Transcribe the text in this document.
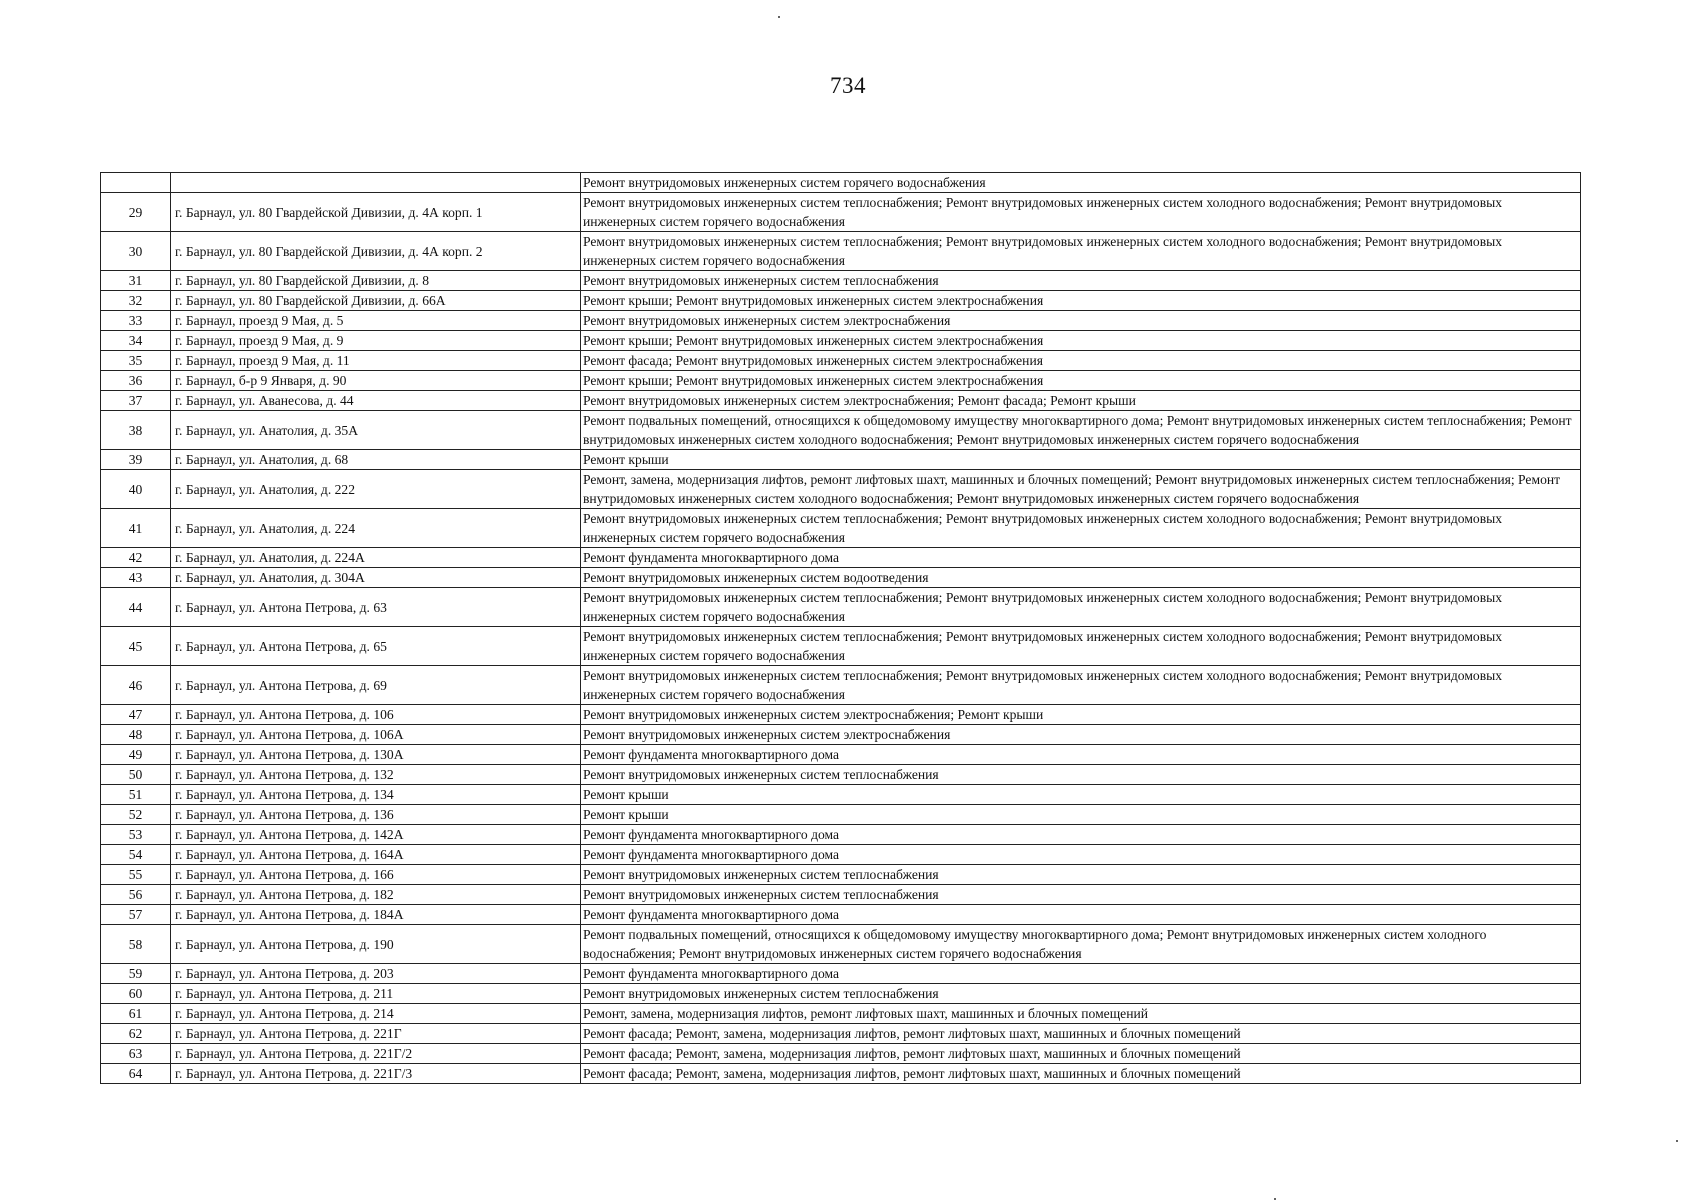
734
		Ремонт внутридомовых инженерных систем горячего водоснабжения
29	г. Барнаул, ул. 80 Гвардейской Дивизии, д. 4А корп. 1	Ремонт внутридомовых инженерных систем теплоснабжения; Ремонт внутридомовых инженерных систем холодного водоснабжения; Ремонт внутридомовых инженерных систем горячего водоснабжения
30	г. Барнаул, ул. 80 Гвардейской Дивизии, д. 4А корп. 2	Ремонт внутридомовых инженерных систем теплоснабжения; Ремонт внутридомовых инженерных систем холодного водоснабжения; Ремонт внутридомовых инженерных систем горячего водоснабжения
31	г. Барнаул, ул. 80 Гвардейской Дивизии, д. 8	Ремонт внутридомовых инженерных систем теплоснабжения
32	г. Барнаул, ул. 80 Гвардейской Дивизии, д. 66А	Ремонт крыши; Ремонт внутридомовых инженерных систем электроснабжения
33	г. Барнаул, проезд 9 Мая, д. 5	Ремонт внутридомовых инженерных систем электроснабжения
34	г. Барнаул, проезд 9 Мая, д. 9	Ремонт крыши; Ремонт внутридомовых инженерных систем электроснабжения
35	г. Барнаул, проезд 9 Мая, д. 11	Ремонт фасада; Ремонт внутридомовых инженерных систем электроснабжения
36	г. Барнаул, б-р 9 Января, д. 90	Ремонт крыши; Ремонт внутридомовых инженерных систем электроснабжения
37	г. Барнаул, ул. Аванесова, д. 44	Ремонт внутридомовых инженерных систем электроснабжения; Ремонт фасада; Ремонт крыши
38	г. Барнаул, ул. Анатолия, д. 35А	Ремонт подвальных помещений, относящихся к общедомовому имуществу многоквартирного дома; Ремонт внутридомовых инженерных систем теплоснабжения; Ремонт внутридомовых инженерных систем холодного водоснабжения; Ремонт внутридомовых инженерных систем горячего водоснабжения
39	г. Барнаул, ул. Анатолия, д. 68	Ремонт крыши
40	г. Барнаул, ул. Анатолия, д. 222	Ремонт, замена, модернизация лифтов, ремонт лифтовых шахт, машинных и блочных помещений; Ремонт внутридомовых инженерных систем теплоснабжения; Ремонт внутридомовых инженерных систем холодного водоснабжения; Ремонт внутридомовых инженерных систем горячего водоснабжения
41	г. Барнаул, ул. Анатолия, д. 224	Ремонт внутридомовых инженерных систем теплоснабжения; Ремонт внутридомовых инженерных систем холодного водоснабжения; Ремонт внутридомовых инженерных систем горячего водоснабжения
42	г. Барнаул, ул. Анатолия, д. 224А	Ремонт фундамента многоквартирного дома
43	г. Барнаул, ул. Анатолия, д. 304А	Ремонт внутридомовых инженерных систем водоотведения
44	г. Барнаул, ул. Антона Петрова, д. 63	Ремонт внутридомовых инженерных систем теплоснабжения; Ремонт внутридомовых инженерных систем холодного водоснабжения; Ремонт внутридомовых инженерных систем горячего водоснабжения
45	г. Барнаул, ул. Антона Петрова, д. 65	Ремонт внутридомовых инженерных систем теплоснабжения; Ремонт внутридомовых инженерных систем холодного водоснабжения; Ремонт внутридомовых инженерных систем горячего водоснабжения
46	г. Барнаул, ул. Антона Петрова, д. 69	Ремонт внутридомовых инженерных систем теплоснабжения; Ремонт внутридомовых инженерных систем холодного водоснабжения; Ремонт внутридомовых инженерных систем горячего водоснабжения
47	г. Барнаул, ул. Антона Петрова, д. 106	Ремонт внутридомовых инженерных систем электроснабжения; Ремонт крыши
48	г. Барнаул, ул. Антона Петрова, д. 106А	Ремонт внутридомовых инженерных систем электроснабжения
49	г. Барнаул, ул. Антона Петрова, д. 130А	Ремонт фундамента многоквартирного дома
50	г. Барнаул, ул. Антона Петрова, д. 132	Ремонт внутридомовых инженерных систем теплоснабжения
51	г. Барнаул, ул. Антона Петрова, д. 134	Ремонт крыши
52	г. Барнаул, ул. Антона Петрова, д. 136	Ремонт крыши
53	г. Барнаул, ул. Антона Петрова, д. 142А	Ремонт фундамента многоквартирного дома
54	г. Барнаул, ул. Антона Петрова, д. 164А	Ремонт фундамента многоквартирного дома
55	г. Барнаул, ул. Антона Петрова, д. 166	Ремонт внутридомовых инженерных систем теплоснабжения
56	г. Барнаул, ул. Антона Петрова, д. 182	Ремонт внутридомовых инженерных систем теплоснабжения
57	г. Барнаул, ул. Антона Петрова, д. 184А	Ремонт фундамента многоквартирного дома
58	г. Барнаул, ул. Антона Петрова, д. 190	Ремонт подвальных помещений, относящихся к общедомовому имуществу многоквартирного дома; Ремонт внутридомовых инженерных систем холодного водоснабжения; Ремонт внутридомовых инженерных систем горячего водоснабжения
59	г. Барнаул, ул. Антона Петрова, д. 203	Ремонт фундамента многоквартирного дома
60	г. Барнаул, ул. Антона Петрова, д. 211	Ремонт внутридомовых инженерных систем теплоснабжения
61	г. Барнаул, ул. Антона Петрова, д. 214	Ремонт, замена, модернизация лифтов, ремонт лифтовых шахт, машинных и блочных помещений
62	г. Барнаул, ул. Антона Петрова, д. 221Г	Ремонт фасада; Ремонт, замена, модернизация лифтов, ремонт лифтовых шахт, машинных и блочных помещений
63	г. Барнаул, ул. Антона Петрова, д. 221Г/2	Ремонт фасада; Ремонт, замена, модернизация лифтов, ремонт лифтовых шахт, машинных и блочных помещений
64	г. Барнаул, ул. Антона Петрова, д. 221Г/3	Ремонт фасада; Ремонт, замена, модернизация лифтов, ремонт лифтовых шахт, машинных и блочных помещений
